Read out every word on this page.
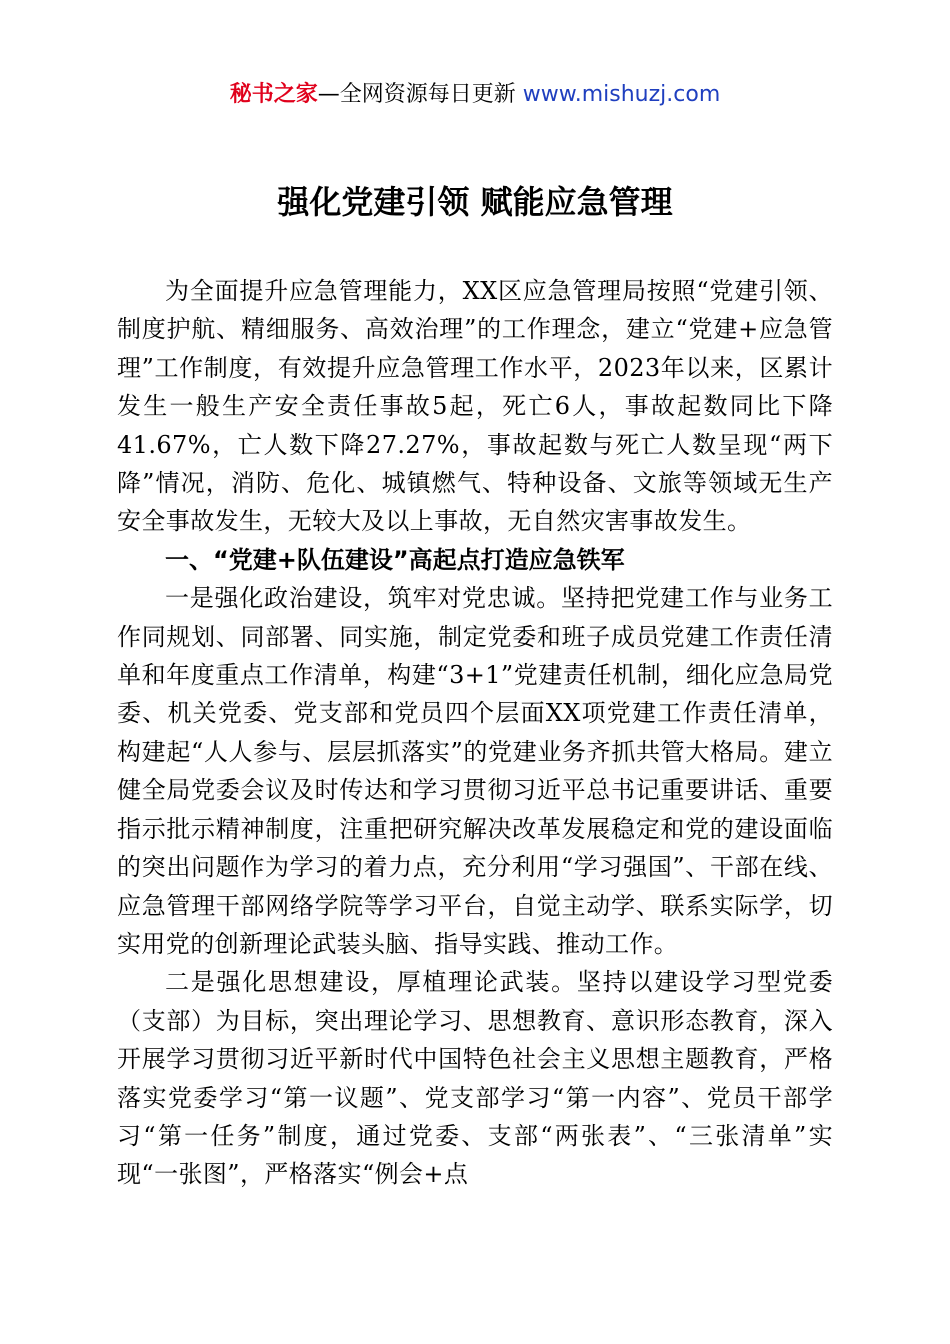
秘书之家—全网资源每日更新 www.mishuzj.com
强化党建引领 赋能应急管理

为全面提升应急管理能力，XX区应急管理局按照“党建引领、制度护航、精细服务、高效治理”的工作理念，建立“党建+应急管理”工作制度，有效提升应急管理工作水平，2023年以来，区累计发生一般生产安全责任事故5起，死亡6人，事故起数同比下降41.67%，亡人数下降27.27%，事故起数与死亡人数呈现“两下降”情况，消防、危化、城镇燃气、特种设备、文旅等领域无生产安全事故发生，无较大及以上事故，无自然灾害事故发生。

一、“党建+队伍建设”高起点打造应急铁军

一是强化政治建设，筑牢对党忠诚。坚持把党建工作与业务工作同规划、同部署、同实施，制定党委和班子成员党建工作责任清单和年度重点工作清单，构建“3+1”党建责任机制，细化应急局党委、机关党委、党支部和党员四个层面XX项党建工作责任清单，构建起“人人参与、层层抓落实”的党建业务齐抓共管大格局。建立健全局党委会议及时传达和学习贯彻习近平总书记重要讲话、重要指示批示精神制度，注重把研究解决改革发展稳定和党的建设面临的突出问题作为学习的着力点，充分利用“学习强国”、干部在线、应急管理干部网络学院等学习平台，自觉主动学、联系实际学，切实用党的创新理论武装头脑、指导实践、推动工作。

二是强化思想建设，厚植理论武装。坚持以建设学习型党委（支部）为目标，突出理论学习、思想教育、意识形态教育，深入开展学习贯彻习近平新时代中国特色社会主义思想主题教育，严格落实党委学习“第一议题”、党支部学习“第一内容”、党员干部学习“第一任务”制度，通过党委、支部“两张表”、“三张清单”实现“一张图”，严格落实“例会+点
